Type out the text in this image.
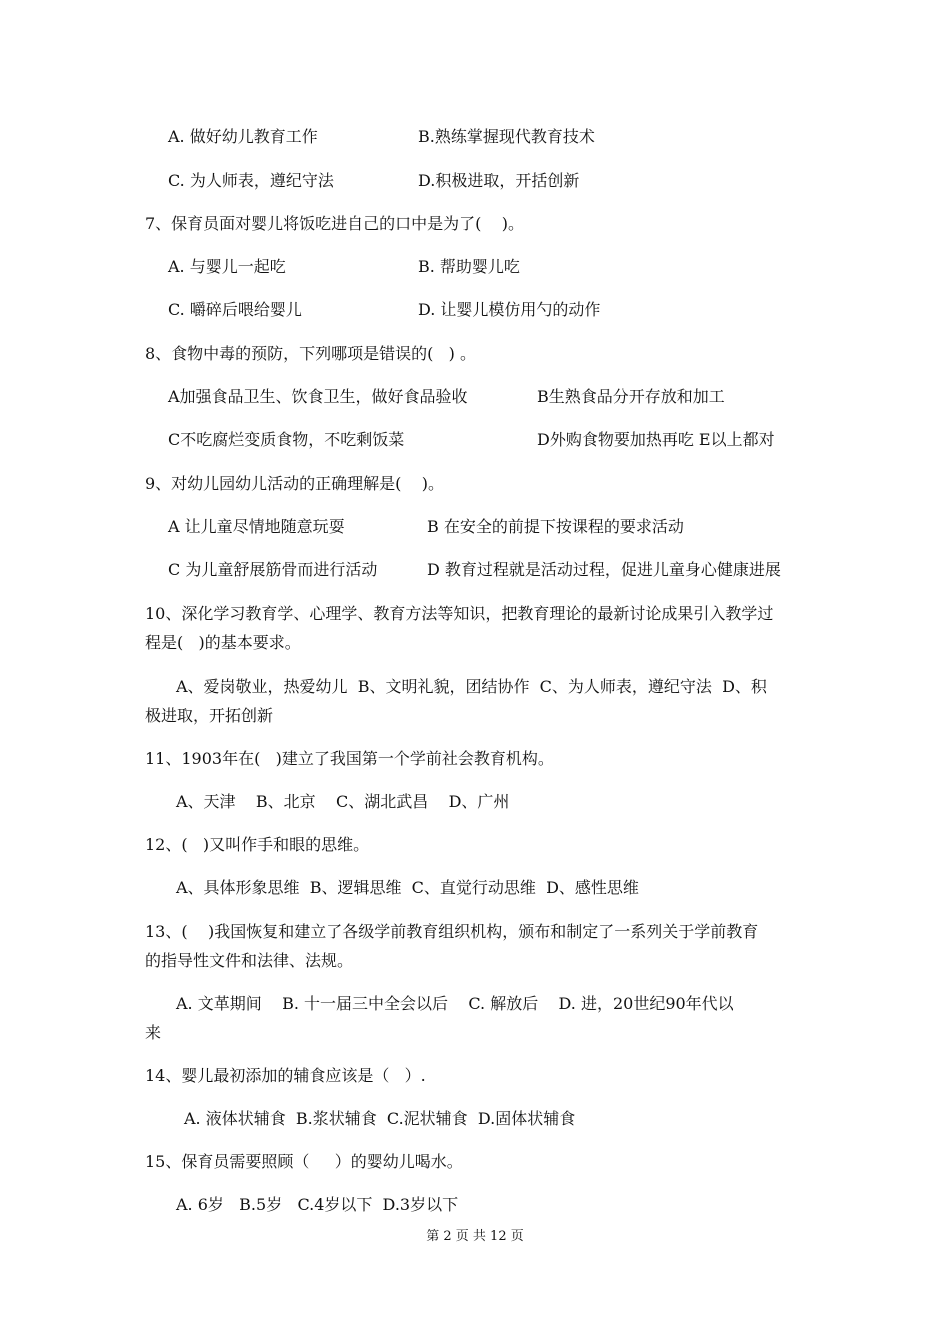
A. 做好幼儿教育工作	B.熟练掌握现代教育技术
C. 为人师表，遵纪守法	D.积极进取，开括创新
7、保育员面对婴儿将饭吃进自己的口中是为了(    )。
A. 与婴儿一起吃	B. 帮助婴儿吃
C. 嚼碎后喂给婴儿	D. 让婴儿模仿用勺的动作
8、食物中毒的预防，下列哪项是错误的(   ) 。
A加强食品卫生、饮食卫生，做好食品验收	B生熟食品分开存放和加工
C不吃腐烂变质食物，不吃剩饭菜	D外购食物要加热再吃 E以上都对
9、对幼儿园幼儿活动的正确理解是(    )。
A 让儿童尽情地随意玩耍	B 在安全的前提下按课程的要求活动
C 为儿童舒展筋骨而进行活动	D 教育过程就是活动过程，促进儿童身心健康进展
10、深化学习教育学、心理学、教育方法等知识，把教育理论的最新讨论成果引入教学过
程是(   )的基本要求。
A、爱岗敬业，热爱幼儿  B、文明礼貌，团结协作  C、为人师表，遵纪守法  D、积
极进取，开拓创新
11、1903年在(   )建立了我国第一个学前社会教育机构。
A、天津    B、北京    C、湖北武昌    D、广州
12、(   )又叫作手和眼的思维。
A、具体形象思维  B、逻辑思维  C、直觉行动思维  D、感性思维
13、(    )我国恢复和建立了各级学前教育组织机构，颁布和制定了一系列关于学前教育
的指导性文件和法律、法规。
A. 文革期间    B. 十一届三中全会以后    C. 解放后    D. 进，20世纪90年代以
来
14、婴儿最初添加的辅食应该是（   ）.
A. 液体状辅食  B.浆状辅食  C.泥状辅食  D.固体状辅食
15、保育员需要照顾（     ）的婴幼儿喝水。
A. 6岁   B.5岁   C.4岁以下  D.3岁以下
第 2 页 共 12 页
